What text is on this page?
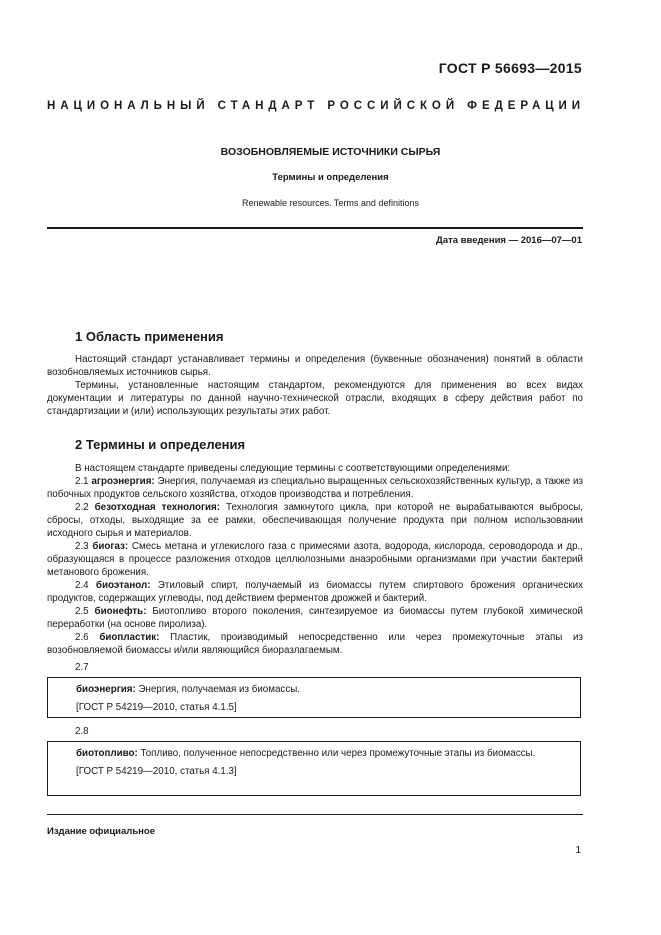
ГОСТ Р 56693—2015
НАЦИОНАЛЬНЫЙ СТАНДАРТ РОССИЙСКОЙ ФЕДЕРАЦИИ
ВОЗОБНОВЛЯЕМЫЕ ИСТОЧНИКИ СЫРЬЯ
Термины и определения
Renewable resources. Terms and definitions
Дата введения — 2016—07—01
1 Область применения

Настоящий стандарт устанавливает термины и определения (буквенные обозначения) понятий в области возобновляемых источников сырья.

Термины, установленные настоящим стандартом, рекомендуются для применения во всех видах документации и литературы по данной научно-технической отрасли, входящих в сферу действия работ по стандартизации и (или) использующих результаты этих работ.

2 Термины и определения

В настоящем стандарте приведены следующие термины с соответствующими определениями:

2.1 агроэнергия: Энергия, получаемая из специально выращенных сельскохозяйственных культур, а также из побочных продуктов сельского хозяйства, отходов производства и потребления.

2.2 безотходная технология: Технология замкнутого цикла, при которой не вырабатываются выбросы, сбросы, отходы, выходящие за ее рамки, обеспечивающая получение продукта при полном использовании исходного сырья и материалов.

2.3 биогаз: Смесь метана и углекислого газа с примесями азота, водорода, кислорода, сероводорода и др., образующаяся в процессе разложения отходов целлюлозными анаэробными организмами при участии бактерий метанового брожения.

2.4 биоэтанол: Этиловый спирт, получаемый из биомассы путем спиртового брожения органических продуктов, содержащих углеводы, под действием ферментов дрожжей и бактерий.

2.5 бионефть: Биотопливо второго поколения, синтезируемое из биомассы путем глубокой химической переработки (на основе пиролиза).

2.6 биопластик: Пластик, производимый непосредственно или через промежуточные этапы из возобновляемой биомассы и/или являющийся биоразлагаемым.

2.7

биоэнергия: Энергия, получаемая из биомассы.

[ГОСТ Р 54219—2010, статья 4.1.5]

2.8

биотопливо: Топливо, полученное непосредственно или через промежуточные этапы из биомассы.

[ГОСТ Р 54219—2010, статья 4.1.3]

Издание официальное
1
